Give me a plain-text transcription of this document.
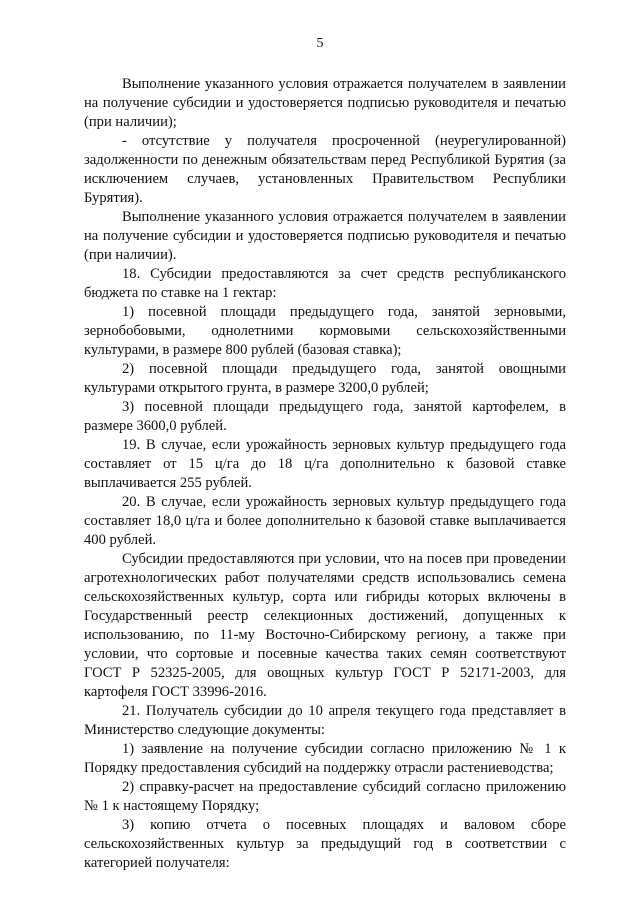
5

Выполнение указанного условия отражается получателем в заявлении на получение субсидии и удостоверяется подписью руководителя и печатью (при наличии);

- отсутствие у получателя просроченной (неурегулированной) задолженности по денежным обязательствам перед Республикой Бурятия (за исключением случаев, установленных Правительством Республики Бурятия).

Выполнение указанного условия отражается получателем в заявлении на получение субсидии и удостоверяется подписью руководителя и печатью (при наличии).

18. Субсидии предоставляются за счет средств республиканского бюджета по ставке на 1 гектар:

1) посевной площади предыдущего года, занятой зерновыми, зернобобовыми, однолетними кормовыми сельскохозяйственными культурами, в размере 800 рублей (базовая ставка);

2) посевной площади предыдущего года, занятой овощными культурами открытого грунта, в размере 3200,0 рублей;

3) посевной площади предыдущего года, занятой картофелем, в размере 3600,0 рублей.

19. В случае, если урожайность зерновых культур предыдущего года составляет от 15 ц/га до 18 ц/га дополнительно к базовой ставке выплачивается 255 рублей.

20. В случае, если урожайность зерновых культур предыдущего года составляет 18,0 ц/га и более дополнительно к базовой ставке выплачивается 400 рублей.

Субсидии предоставляются при условии, что на посев при проведении агротехнологических работ получателями средств использовались семена сельскохозяйственных культур, сорта или гибриды которых включены в Государственный реестр селекционных достижений, допущенных к использованию, по 11-му Восточно-Сибирскому региону, а также при условии, что сортовые и посевные качества таких семян соответствуют ГОСТ Р 52325-2005, для овощных культур ГОСТ Р 52171-2003, для картофеля ГОСТ 33996-2016.

21. Получатель субсидии до 10 апреля текущего года представляет в Министерство следующие документы:

1) заявление на получение субсидии согласно приложению № 1 к Порядку предоставления субсидий на поддержку отрасли растениеводства;

2) справку-расчет на предоставление субсидий согласно приложению № 1 к настоящему Порядку;

3) копию отчета о посевных площадях и валовом сборе сельскохозяйственных культур за предыдущий год в соответствии с категорией получателя:
